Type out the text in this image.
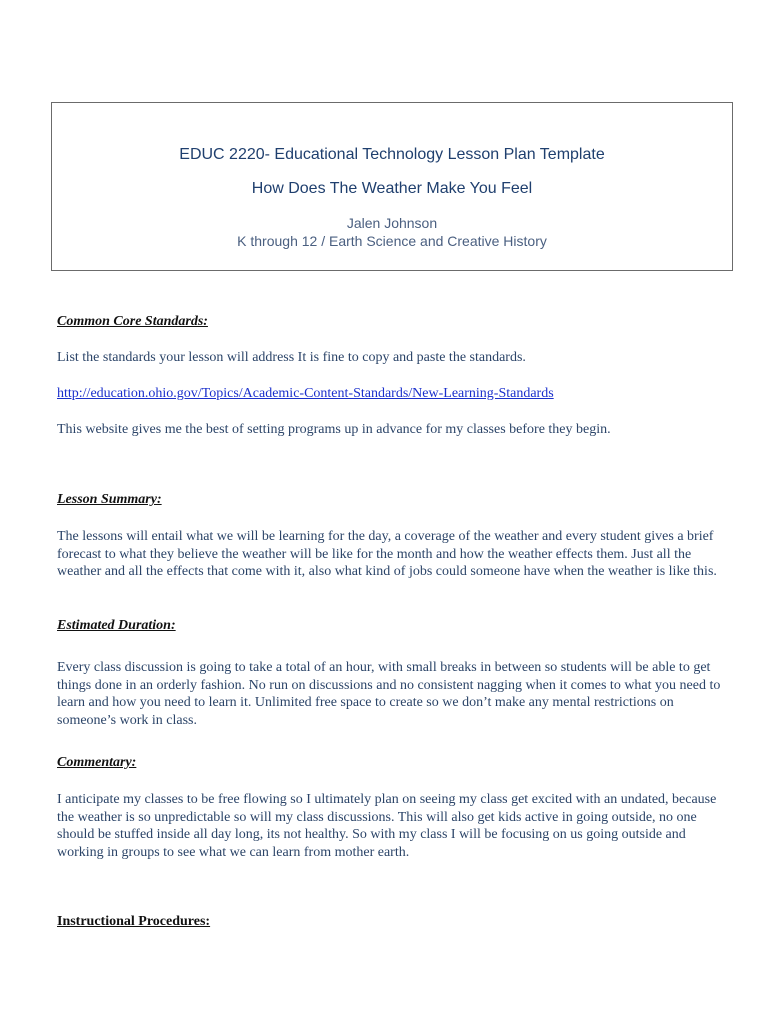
EDUC 2220- Educational Technology Lesson Plan Template
How Does The Weather Make You Feel
Jalen Johnson
K through 12 / Earth Science and Creative History
Common Core Standards:
List the standards your lesson will address It is fine to copy and paste the standards.
http://education.ohio.gov/Topics/Academic-Content-Standards/New-Learning-Standards
This website gives me the best of setting programs up in advance for my classes before they begin.
Lesson Summary:
The lessons will entail what we will be learning for the day, a coverage of the weather and every student gives a brief forecast to what they believe the weather will be like for the month and how the weather effects them. Just all the weather and all the effects that come with it, also what kind of jobs could someone have when the weather is like this.
Estimated Duration:
Every class discussion is going to take a total of an hour, with small breaks in between so students will be able to get things done in an orderly fashion. No run on discussions and no consistent nagging when it comes to what you need to learn and how you need to learn it. Unlimited free space to create so we don’t make any mental restrictions on someone’s work in class.
Commentary:
I anticipate my classes to be free flowing so I ultimately plan on seeing my class get excited with an undated, because the weather is so unpredictable so will my class discussions. This will also get kids active in going outside, no one should be stuffed inside all day long, its not healthy. So with my class I will be focusing on us going outside and working in groups to see what we can learn from mother earth.
Instructional Procedures:
